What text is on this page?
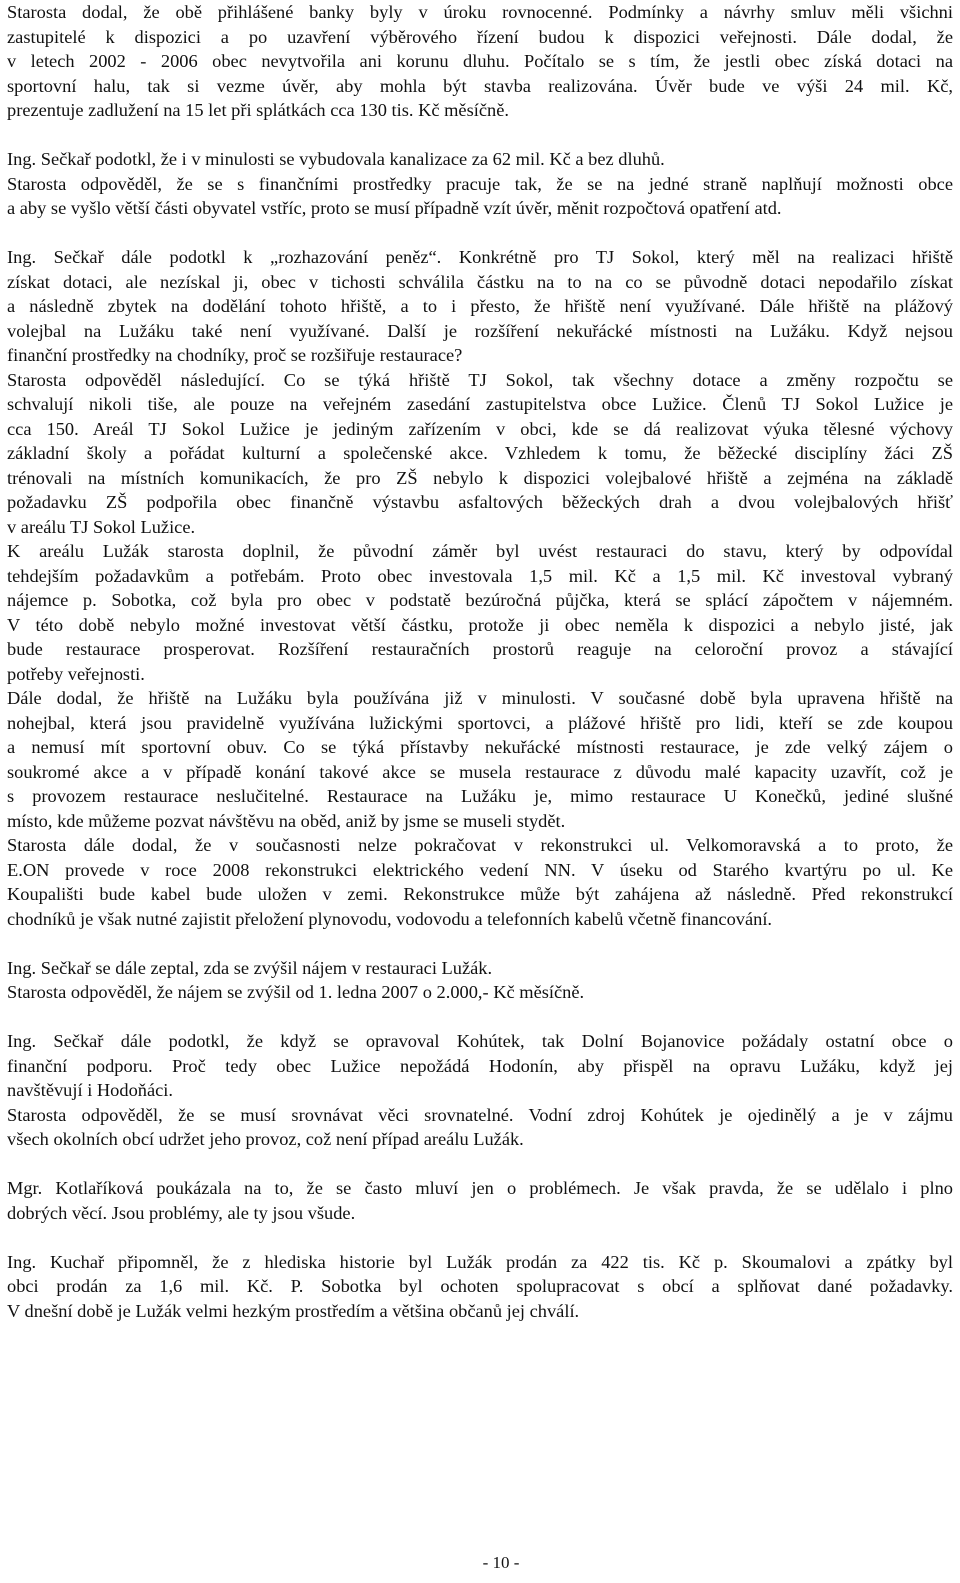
Starosta dodal, že obě přihlášené banky byly v úroku rovnocenné. Podmínky a návrhy smluv měli všichni
zastupitelé k dispozici a po uzavření výběrového řízení budou k dispozici veřejnosti. Dále dodal, že
v letech 2002 - 2006 obec nevytvořila ani korunu dluhu. Počítalo se s tím, že jestli obec získá dotaci na
sportovní halu, tak si vezme úvěr, aby mohla být stavba realizována. Úvěr bude ve výši 24 mil. Kč,
prezentuje zadlužení na 15 let při splátkách cca 130 tis. Kč měsíčně.
Ing. Sečkař podotkl, že i v minulosti se vybudovala kanalizace za 62 mil. Kč a bez dluhů.
Starosta odpověděl, že se s finančními prostředky pracuje tak, že se na jedné straně naplňují možnosti obce
a aby se vyšlo větší části obyvatel vstříc, proto se musí případně vzít úvěr, měnit rozpočtová opatření atd.
Ing. Sečkař dále podotkl k „rozhazování peněz“. Konkrétně pro TJ Sokol, který měl na realizaci hřiště
získat dotaci, ale nezískal ji, obec v tichosti schválila částku na to na co se původně dotaci nepodařilo získat
a následně zbytek na dodělání tohoto hřiště, a to i přesto, že hřiště není využívané. Dále hřiště na plážový
volejbal na Lužáku také není využívané. Další je rozšíření nekuřácké místnosti na Lužáku. Když nejsou
finanční prostředky na chodníky, proč se rozšiřuje restaurace?
Starosta odpověděl následující. Co se týká hřiště TJ Sokol, tak všechny dotace a změny rozpočtu se
schvalují nikoli tiše, ale pouze na veřejném zasedání zastupitelstva obce Lužice. Členů TJ Sokol Lužice je
cca 150. Areál TJ Sokol Lužice je jediným zařízením v obci, kde se dá realizovat výuka tělesné výchovy
základní školy a pořádat kulturní a společenské akce. Vzhledem k tomu, že běžecké disciplíny žáci ZŠ
trénovali na místních komunikacích, že pro ZŠ nebylo k dispozici volejbalové hřiště a zejména na základě
požadavku ZŠ podpořila obec finančně výstavbu asfaltových běžeckých drah a dvou volejbalových hřišť
v areálu TJ Sokol Lužice.
K areálu Lužák starosta doplnil, že původní záměr byl uvést restauraci do stavu, který by odpovídal
tehdejším požadavkům a potřebám. Proto obec investovala 1,5 mil. Kč a 1,5 mil. Kč investoval vybraný
nájemce p. Sobotka, což byla pro obec v podstatě bezúročná půjčka, která se splácí zápočtem v nájemném.
V této době nebylo možné investovat větší částku, protože ji obec neměla k dispozici a nebylo jisté, jak
bude restaurace prosperovat. Rozšíření restauračních prostorů reaguje na celoroční provoz a stávající
potřeby veřejnosti.
Dále dodal, že hřiště na Lužáku byla používána již v minulosti. V současné době byla upravena hřiště na
nohejbal, která jsou pravidelně využívána lužickými sportovci, a plážové hřiště pro lidi, kteří se zde koupou
a nemusí mít sportovní obuv. Co se týká přístavby nekuřácké místnosti restaurace, je zde velký zájem o
soukromé akce a v případě konání takové akce se musela restaurace z důvodu malé kapacity uzavřít, což je
s provozem restaurace neslučitelné. Restaurace na Lužáku je, mimo restaurace U Konečků, jediné slušné
místo, kde můžeme pozvat návštěvu na oběd, aniž by jsme se museli stydět.
Starosta dále dodal, že v současnosti nelze pokračovat v rekonstrukci ul. Velkomoravská a to proto, že
E.ON provede v roce 2008 rekonstrukci elektrického vedení NN. V úseku od Starého kvartýru po ul. Ke
Koupališti bude kabel bude uložen v zemi. Rekonstrukce může být zahájena až následně. Před rekonstrukcí
chodníků je však nutné zajistit přeložení plynovodu, vodovodu a telefonních kabelů včetně financování.
Ing. Sečkař se dále zeptal, zda se zvýšil nájem v restauraci Lužák.
Starosta odpověděl, že nájem se zvýšil od 1. ledna 2007 o 2.000,- Kč měsíčně.
Ing. Sečkař dále podotkl, že když se opravoval Kohútek, tak Dolní Bojanovice požádaly ostatní obce o
finanční podporu. Proč tedy obec Lužice nepožádá Hodonín, aby přispěl na opravu Lužáku, když jej
navštěvují i Hodoňáci.
Starosta odpověděl, že se musí srovnávat věci srovnatelné. Vodní zdroj Kohútek je ojedinělý a je v zájmu
všech okolních obcí udržet jeho provoz, což není případ areálu Lužák.
Mgr. Kotlaříková poukázala na to, že se často mluví jen o problémech. Je však pravda, že se udělalo i plno
dobrých věcí. Jsou problémy, ale ty jsou všude.
Ing. Kuchař připomněl, že z hlediska historie byl Lužák prodán za 422 tis. Kč p. Skoumalovi a zpátky byl
obci prodán za 1,6 mil. Kč. P. Sobotka byl ochoten spolupracovat s obcí a splňovat dané požadavky.
V dnešní době je Lužák velmi hezkým prostředím a většina občanů jej chválí.
- 10 -
